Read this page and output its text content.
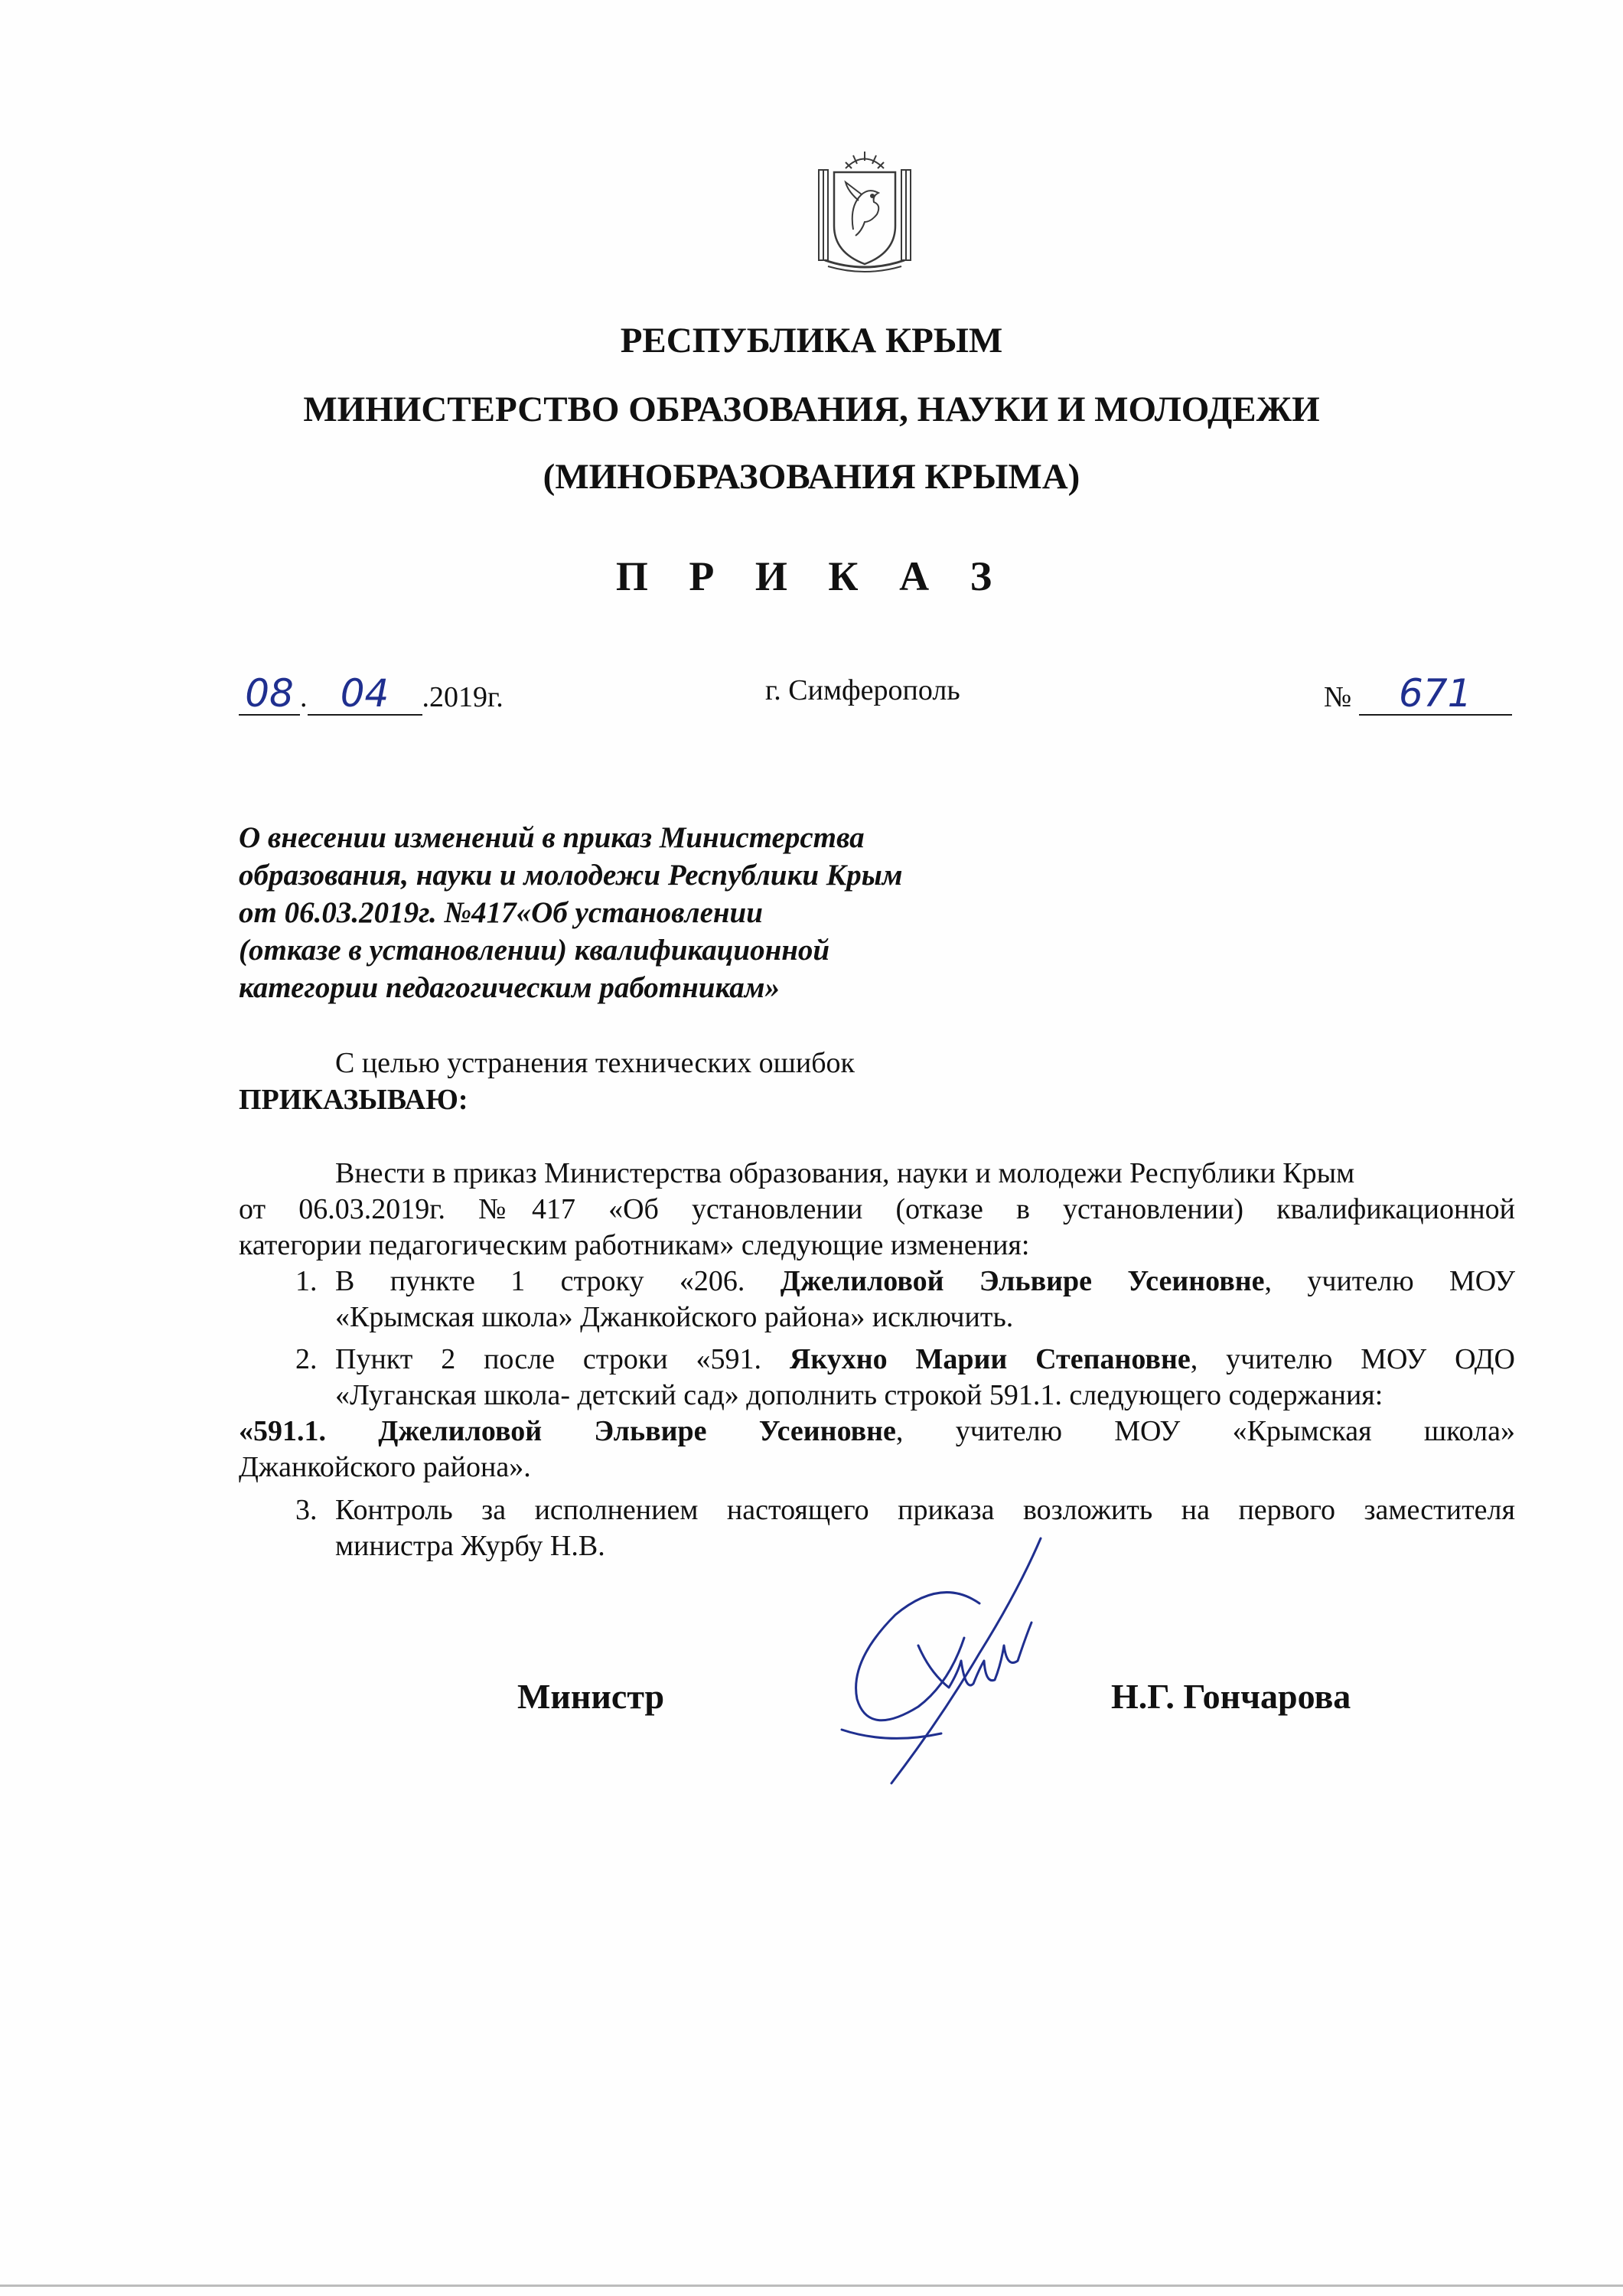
РЕСПУБЛИКА КРЫМ
МИНИСТЕРСТВО ОБРАЗОВАНИЯ, НАУКИ И МОЛОДЕЖИ
(МИНОБРАЗОВАНИЯ КРЫМА)
П Р И К А З
08 . 04 .2019г.	г. Симферополь	№ 671
О внесении изменений в приказ Министерства
образования, науки и молодежи Республики Крым
от 06.03.2019г. №417«Об установлении
(отказе в установлении) квалификационной
категории педагогическим работникам»
С целью устранения технических ошибок
ПРИКАЗЫВАЮ:
Внести в приказ Министерства образования, науки и молодежи Республики Крым
от 06.03.2019г. №417 «Об установлении (отказе в установлении) квалификационной
категории педагогическим работникам» следующие изменения:
1. В пункте 1 строку «206. Джелиловой Эльвире Усеиновне, учителю МОУ
«Крымская школа» Джанкойского района» исключить.
2. Пункт 2 после строки «591. Якухно Марии Степановне, учителю МОУ ОДО
«Луганская школа- детский сад» дополнить строкой 591.1. следующего содержания:
«591.1. Джелиловой Эльвире Усеиновне, учителю МОУ «Крымская школа»
Джанкойского района».
3. Контроль за исполнением настоящего приказа возложить на первого заместителя
министра Журбу Н.В.
Министр	Н.Г. Гончарова
